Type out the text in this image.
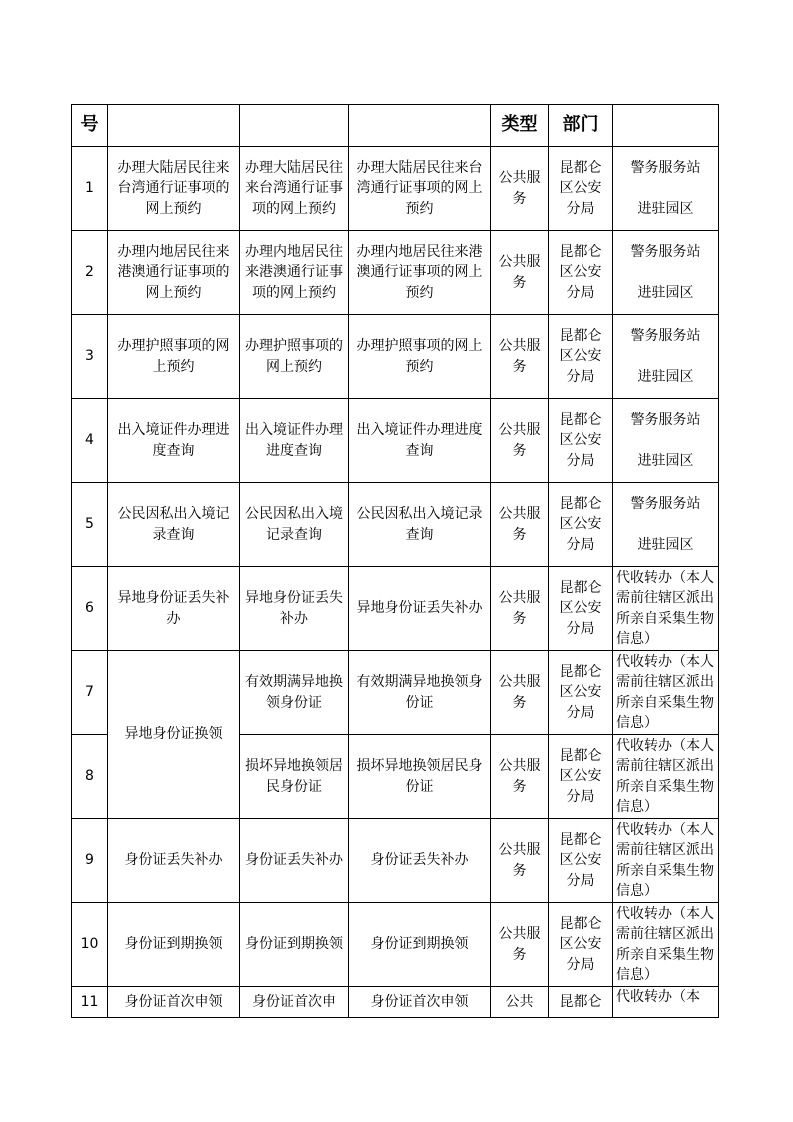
号				类型	部门	
1	办理大陆居民往来台湾通行证事项的网上预约	办理大陆居民往来台湾通行证事项的网上预约	办理大陆居民往来台湾通行证事项的网上预约	公共服务	昆都仑区公安分局	警务服务站
进驻园区

2	办理内地居民往来港澳通行证事项的网上预约	办理内地居民往来港澳通行证事项的网上预约	办理内地居民往来港澳通行证事项的网上预约	公共服务	昆都仑区公安分局	警务服务站
进驻园区

3	办理护照事项的网上预约	办理护照事项的网上预约	办理护照事项的网上预约	公共服务	昆都仑区公安分局	警务服务站
进驻园区

4	出入境证件办理进度查询	出入境证件办理进度查询	出入境证件办理进度查询	公共服务	昆都仑区公安分局	警务服务站
进驻园区

5	公民因私出入境记录查询	公民因私出入境记录查询	公民因私出入境记录查询	公共服务	昆都仑区公安分局	警务服务站
进驻园区

6	异地身份证丢失补办	异地身份证丢失补办	异地身份证丢失补办	公共服务	昆都仑区公安分局	代收转办（本人需前往辖区派出所亲自采集生物信息）
7	异地身份证换领	有效期满异地换领身份证	有效期满异地换领身份证	公共服务	昆都仑区公安分局	代收转办（本人需前往辖区派出所亲自采集生物信息）
8		损坏异地换领居民身份证	损坏异地换领居民身份证	公共服务	昆都仑区公安分局	代收转办（本人需前往辖区派出所亲自采集生物信息）
9	身份证丢失补办	身份证丢失补办	身份证丢失补办	公共服务	昆都仑区公安分局	代收转办（本人需前往辖区派出所亲自采集生物信息）
10	身份证到期换领	身份证到期换领	身份证到期换领	公共服务	昆都仑区公安分局	代收转办（本人需前往辖区派出所亲自采集生物信息）
11	身份证首次申领	身份证首次申	身份证首次申领	公共	昆都仑	代收转办（本
